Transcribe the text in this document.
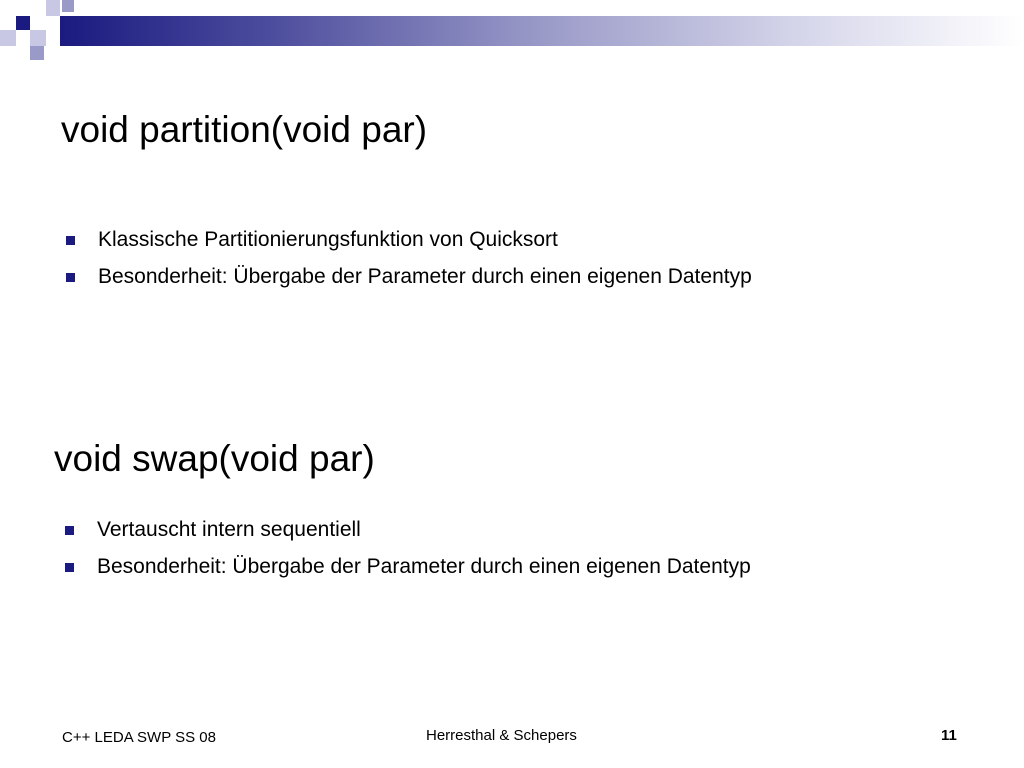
void partition(void par)
Klassische Partitionierungsfunktion von Quicksort
Besonderheit: Übergabe der Parameter durch einen eigenen Datentyp
void swap(void par)
Vertauscht intern sequentiell
Besonderheit: Übergabe der Parameter durch einen eigenen Datentyp
C++ LEDA SWP SS 08	Herresthal & Schepers	11
